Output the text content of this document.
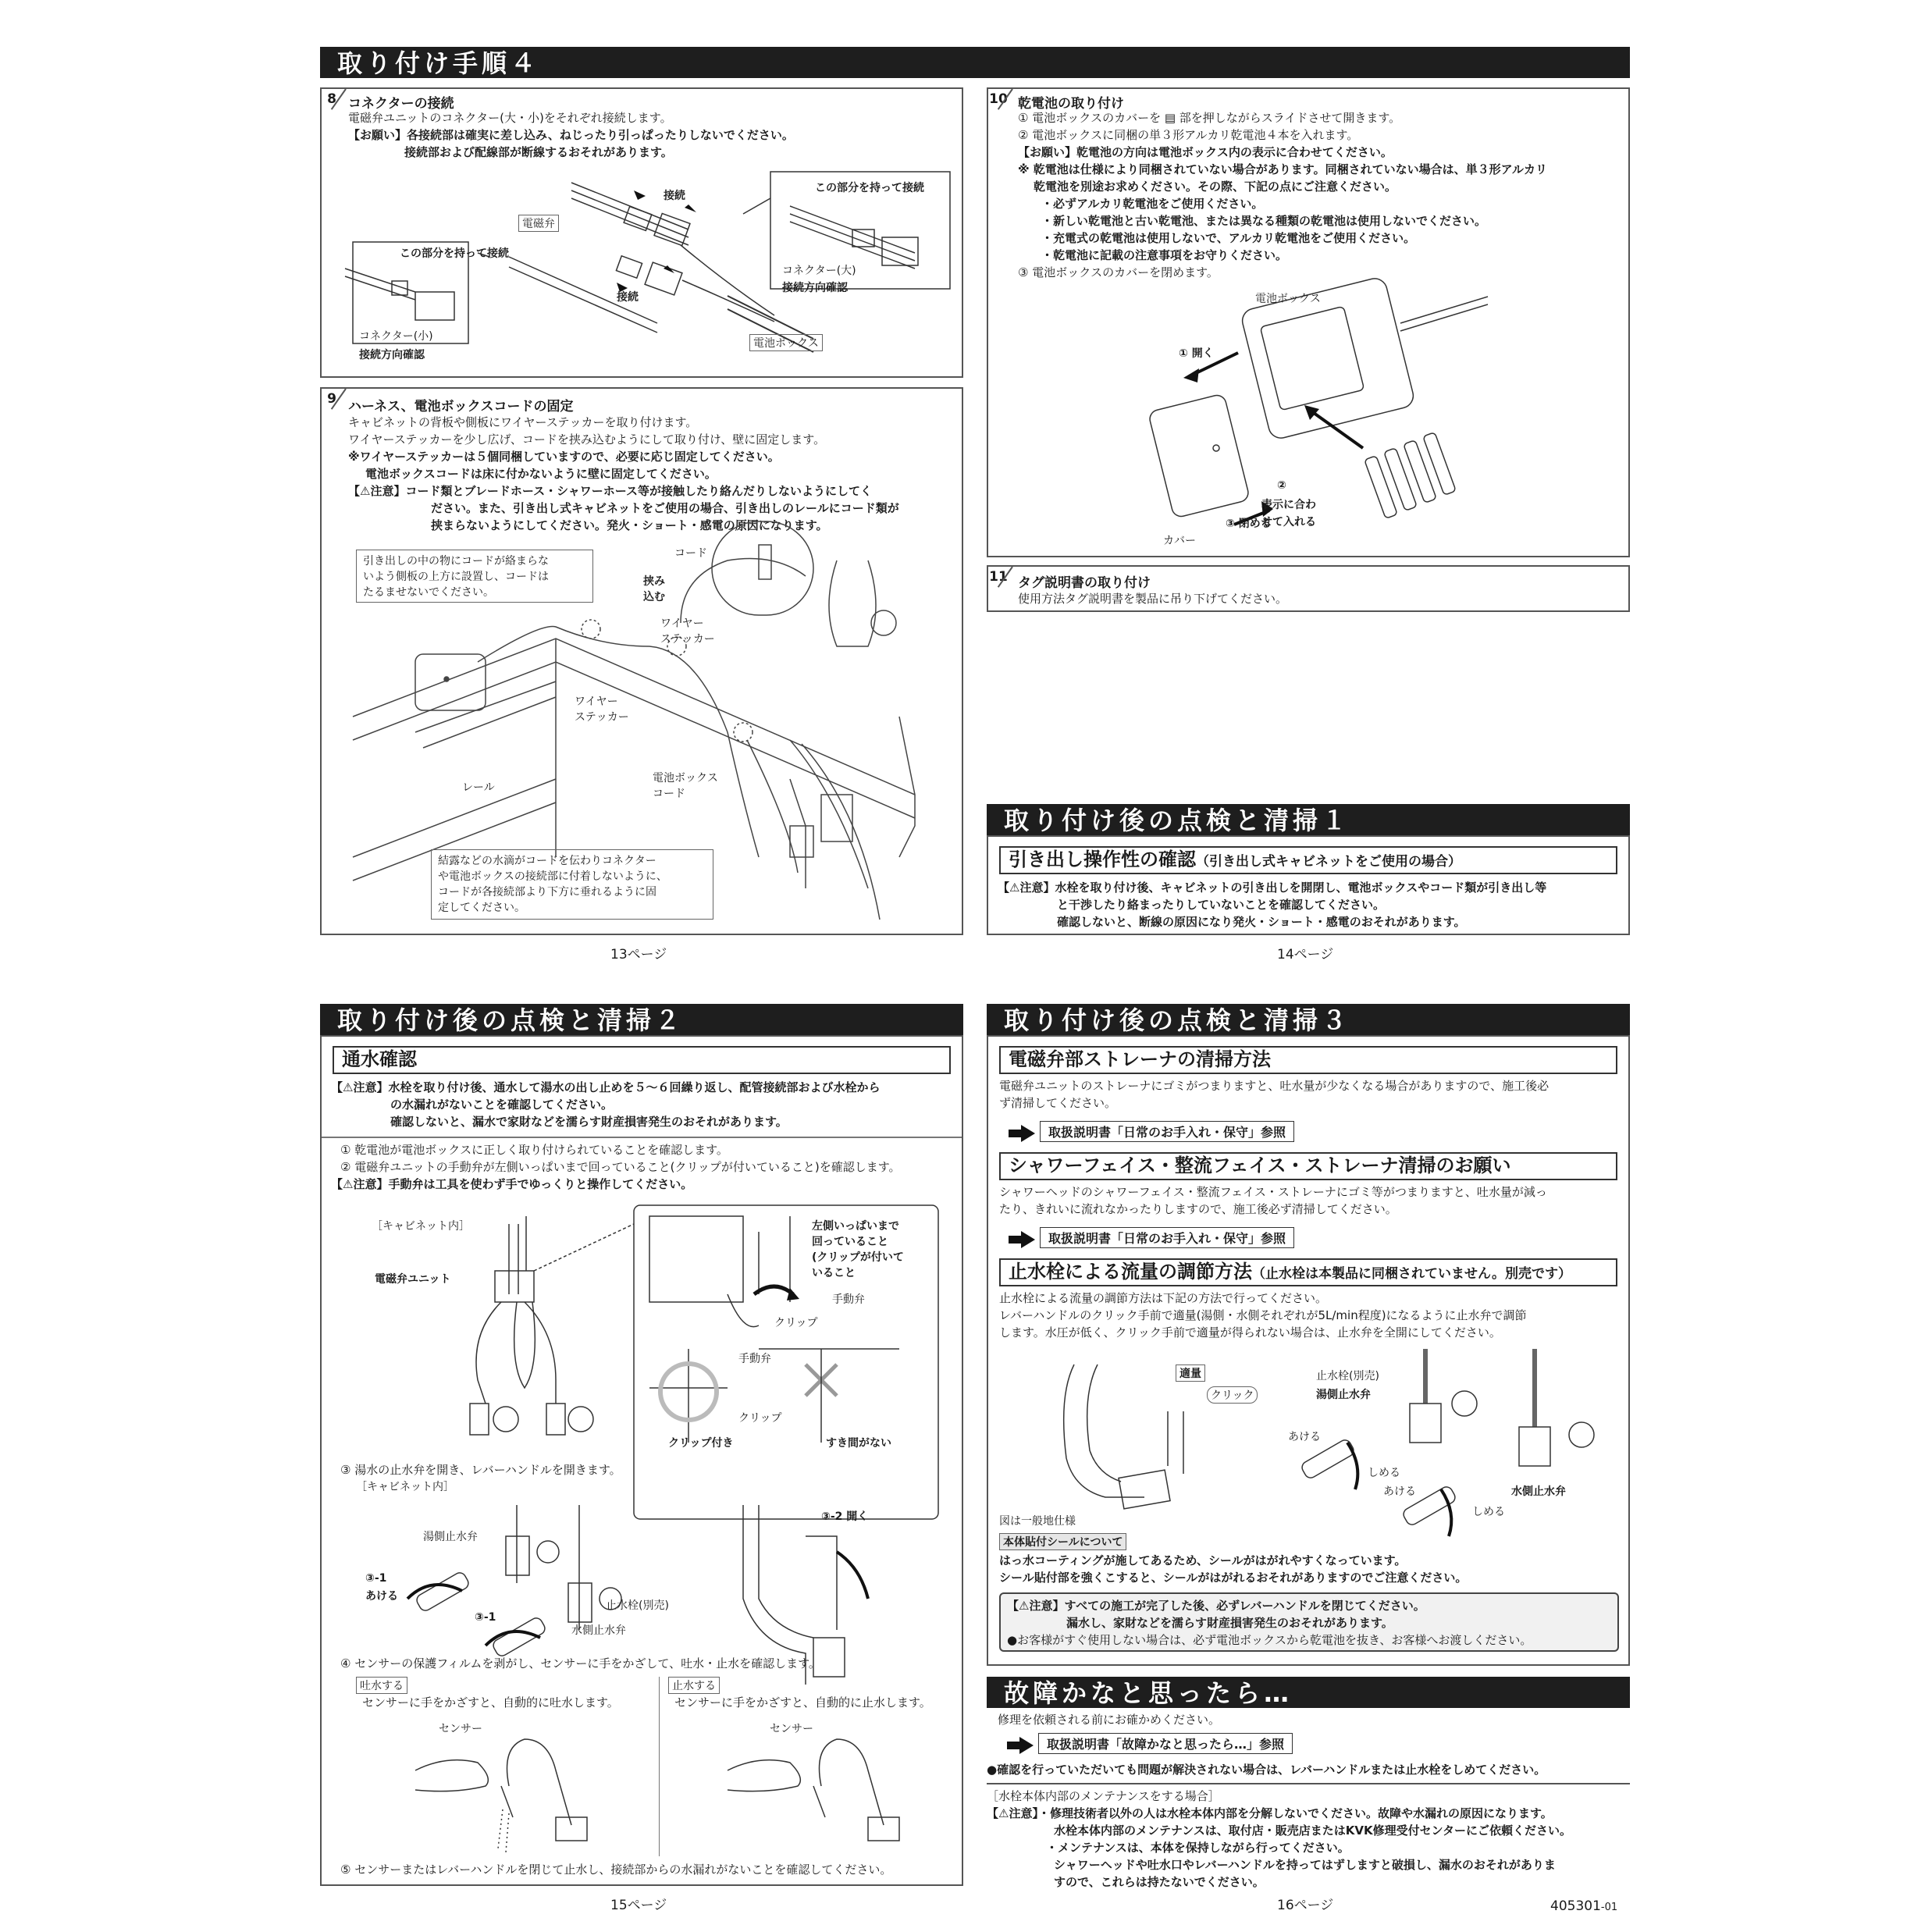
取り付け手順４
8 コネクターの接続
電磁弁ユニットのコネクター(大・小)をそれぞれ接続します。
【お願い】各接続部は確実に差し込み、ねじったり引っぱったりしないでください。
接続部および配線部が断線するおそれがあります。
この部分を持って接続
接続
電磁弁
この部分を持って接続
接続
コネクター(大)
接続方向確認
コネクター(小)
接続方向確認
電池ボックス
9 ハーネス、電池ボックスコードの固定
キャビネットの背板や側板にワイヤーステッカーを取り付けます。
ワイヤーステッカーを少し広げ、コードを挟み込むようにして取り付け、壁に固定します。
※ワイヤーステッカーは５個同梱していますので、必要に応じ固定してください。
電池ボックスコードは床に付かないように壁に固定してください。
【⚠注意】コード類とブレードホース・シャワーホース等が接触したり絡んだりしないようにしてく
ださい。また、引き出し式キャビネットをご使用の場合、引き出しのレールにコード類が
挟まらないようにしてください。発火・ショート・感電の原因になります。
引き出しの中の物にコードが絡まらな
いよう側板の上方に設置し、コードは
たるませないでください。
コード
挟み
込む
ワイヤー
ステッカー
ワイヤー
ステッカー
レール
電池ボックス
コード
結露などの水滴がコードを伝わりコネクター
や電池ボックスの接続部に付着しないように、
コードが各接続部より下方に垂れるように固
定してください。
13ページ
10 乾電池の取り付け
① 電池ボックスのカバーを ▤ 部を押しながらスライドさせて開きます。
② 電池ボックスに同梱の単３形アルカリ乾電池４本を入れます。
【お願い】乾電池の方向は電池ボックス内の表示に合わせてください。
※ 乾電池は仕様により同梱されていない場合があります。同梱されていない場合は、単３形アルカリ
乾電池を別途お求めください。その際、下記の点にご注意ください。
・必ずアルカリ乾電池をご使用ください。
・新しい乾電池と古い乾電池、または異なる種類の乾電池は使用しないでください。
・充電式の乾電池は使用しないで、アルカリ乾電池をご使用ください。
・乾電池に記載の注意事項をお守りください。
③ 電池ボックスのカバーを閉めます。
電池ボックス
① 開く
②
表示に合わ
せて入れる
③ 閉める
カバー
11 タグ説明書の取り付け
使用方法タグ説明書を製品に吊り下げてください。
取り付け後の点検と清掃１
引き出し操作性の確認（引き出し式キャビネットをご使用の場合）
【⚠注意】水栓を取り付け後、キャビネットの引き出しを開閉し、電池ボックスやコード類が引き出し等
と干渉したり絡まったりしていないことを確認してください。
確認しないと、断線の原因になり発火・ショート・感電のおそれがあります。
14ページ
取り付け後の点検と清掃２
通水確認
【⚠注意】水栓を取り付け後、通水して湯水の出し止めを５～６回繰り返し、配管接続部および水栓から
の水漏れがないことを確認してください。
確認しないと、漏水で家財などを濡らす財産損害発生のおそれがあります。
① 乾電池が電池ボックスに正しく取り付けられていることを確認します。
② 電磁弁ユニットの手動弁が左側いっぱいまで回っていること(クリップが付いていること)を確認します。
【⚠注意】手動弁は工具を使わず手でゆっくりと操作してください。
［キャビネット内］
電磁弁ユニット
左側いっぱいまで
回っていること
(クリップが付いて
いること
手動弁
クリップ
手動弁
クリップ
クリップ付き	すき間がない
③ 湯水の止水弁を開き、レバーハンドルを開きます。
［キャビネット内］
湯側止水弁
③-1
あける
③-1
止水栓(別売)
水側止水弁
③-2 開く
④ センサーの保護フィルムを剥がし、センサーに手をかざして、吐水・止水を確認します。
吐水する
センサーに手をかざすと、自動的に吐水します。
止水する
センサーに手をかざすと、自動的に止水します。
センサー	センサー
⑤ センサーまたはレバーハンドルを閉じて止水し、接続部からの水漏れがないことを確認してください。
15ページ
取り付け後の点検と清掃３
電磁弁部ストレーナの清掃方法
電磁弁ユニットのストレーナにゴミがつまりますと、吐水量が少なくなる場合がありますので、施工後必
ず清掃してください。
取扱説明書「日常のお手入れ・保守」参照
シャワーフェイス・整流フェイス・ストレーナ清掃のお願い
シャワーヘッドのシャワーフェイス・整流フェイス・ストレーナにゴミ等がつまりますと、吐水量が減っ
たり、きれいに流れなかったりしますので、施工後必ず清掃してください。
取扱説明書「日常のお手入れ・保守」参照
止水栓による流量の調節方法（止水栓は本製品に同梱されていません。別売です）
止水栓による流量の調節方法は下記の方法で行ってください。
レバーハンドルのクリック手前で適量(湯側・水側それぞれが5L/min程度)になるように止水弁で調節
します。水圧が低く、クリック手前で適量が得られない場合は、止水弁を全開にしてください。
適量
クリック
止水栓(別売)
湯側止水弁
あける
しめる
あける	水側止水弁
しめる
図は一般地仕様
本体貼付シールについて
はっ水コーティングが施してあるため、シールがはがれやすくなっています。
シール貼付部を強くこすると、シールがはがれるおそれがありますのでご注意ください。
【⚠注意】すべての施工が完了した後、必ずレバーハンドルを閉じてください。
漏水し、家財などを濡らす財産損害発生のおそれがあります。
●お客様がすぐ使用しない場合は、必ず電池ボックスから乾電池を抜き、お客様へお渡しください。
故障かなと思ったら…
修理を依頼される前にお確かめください。
取扱説明書「故障かなと思ったら…」参照
●確認を行っていただいても問題が解決されない場合は、レバーハンドルまたは止水栓をしめてください。
［水栓本体内部のメンテナンスをする場合］
【⚠注意】・修理技術者以外の人は水栓本体内部を分解しないでください。故障や水漏れの原因になります。
水栓本体内部のメンテナンスは、取付店・販売店またはKVK修理受付センターにご依頼ください。
・メンテナンスは、本体を保持しながら行ってください。
シャワーヘッドや吐水口やレバーハンドルを持ってはずしますと破損し、漏水のおそれがありま
すので、これらは持たないでください。
16ページ	405301-01
